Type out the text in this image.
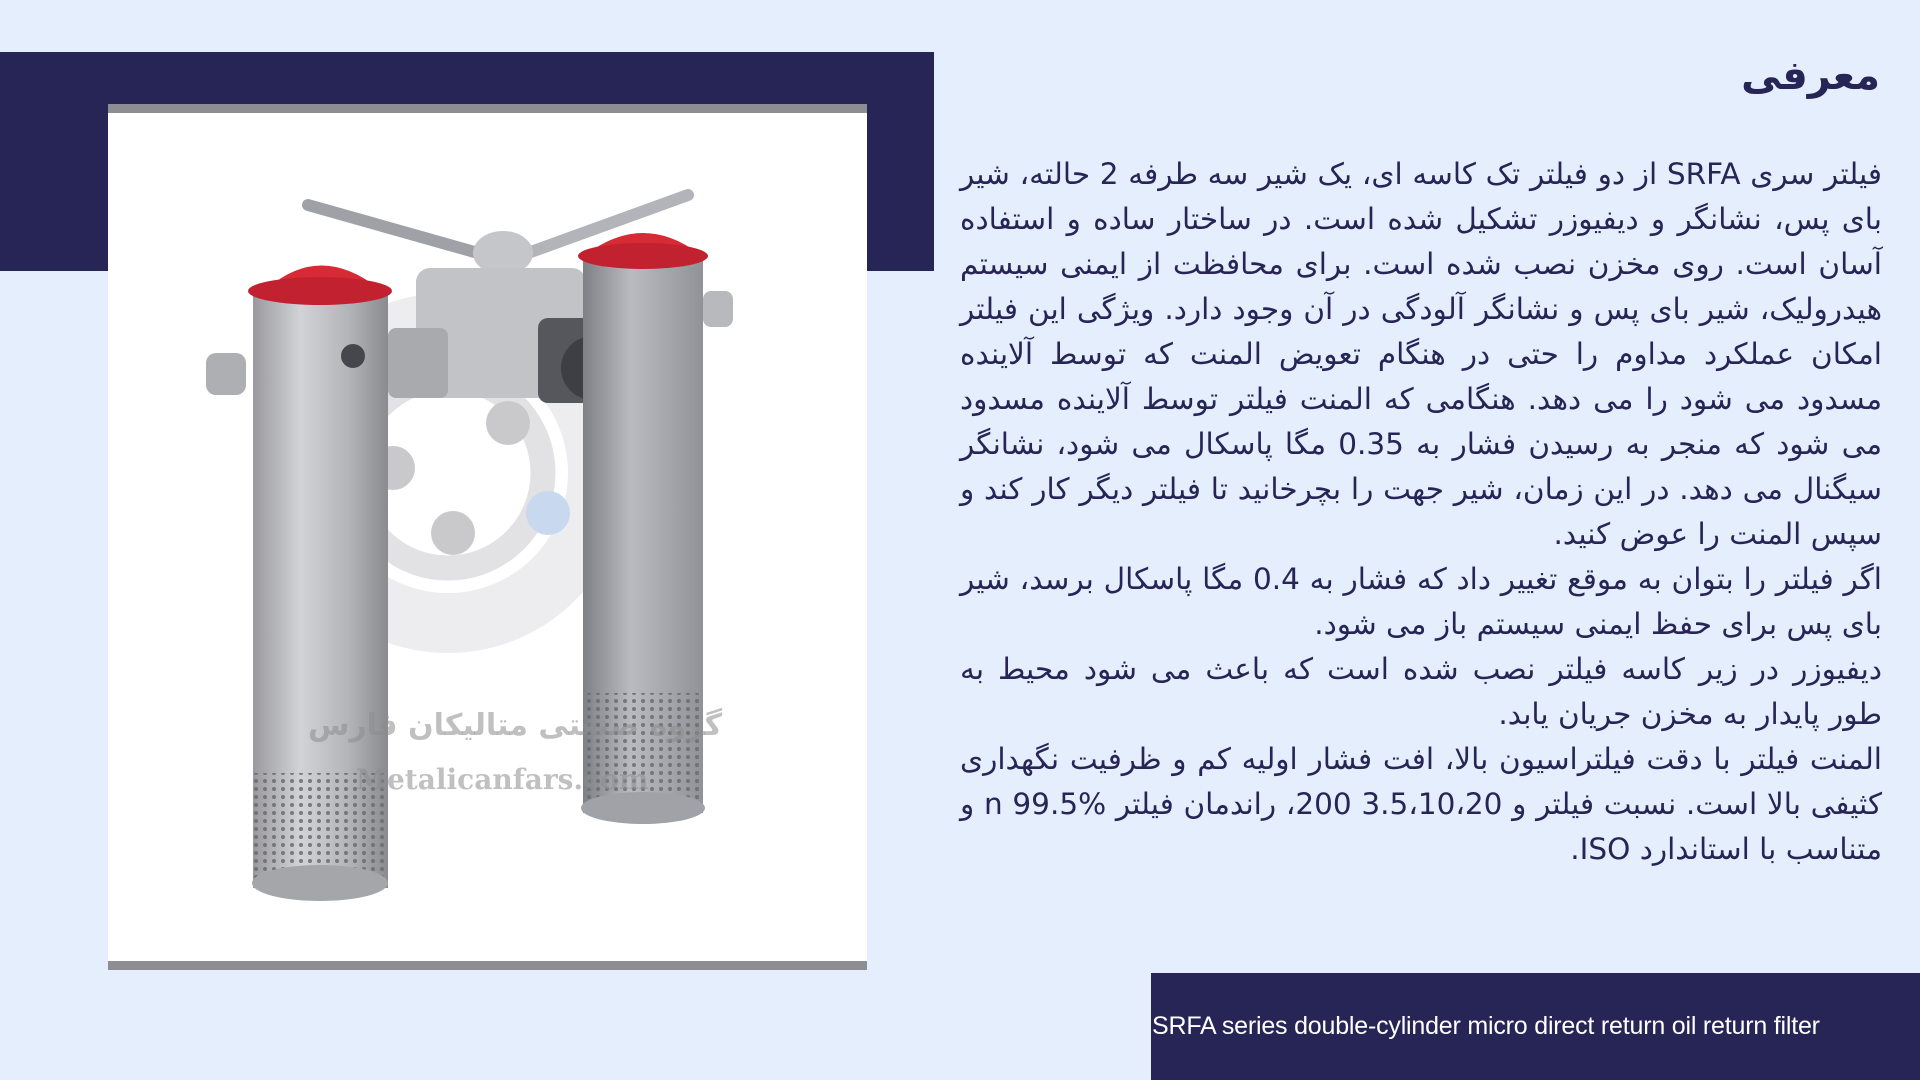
گروه صنعتی متالیکان فارس
Metalicanfars.com
معرفی

فیلتر سری SRFA از دو فیلتر تک کاسه ای، یک شیر سه طرفه 2 حالته، شیر بای پس، نشانگر و دیفیوزر تشکیل شده است. در ساختار ساده و استفاده آسان است. روی مخزن نصب شده است. برای محافظت از ایمنی سیستم هیدرولیک، شیر بای پس و نشانگر آلودگی در آن وجود دارد. ویژگی این فیلتر امکان عملکرد مداوم را حتی در هنگام تعویض المنت که توسط آلاینده مسدود می شود را می دهد. هنگامی که المنت فیلتر توسط آلاینده مسدود می شود که منجر به رسیدن فشار به 0.35 مگا پاسکال می شود، نشانگر سیگنال می دهد. در این زمان، شیر جهت را بچرخانید تا فیلتر دیگر کار کند و سپس المنت را عوض کنید.

اگر فیلتر را بتوان به موقع تغییر داد که فشار به 0.4 مگا پاسکال برسد، شیر بای پس برای حفظ ایمنی سیستم باز می شود.

دیفیوزر در زیر کاسه فیلتر نصب شده است که باعث می شود محیط به طور پایدار به مخزن جریان یابد.

المنت فیلتر با دقت فیلتراسیون بالا، افت فشار اولیه کم و ظرفیت نگهداری کثیفی بالا است. نسبت فیلتر و 3.5،10،20 200، راندمان فیلتر %99.5 n و متناسب با استاندارد ISO.

SRFA series double-cylinder micro direct return oil return filter
